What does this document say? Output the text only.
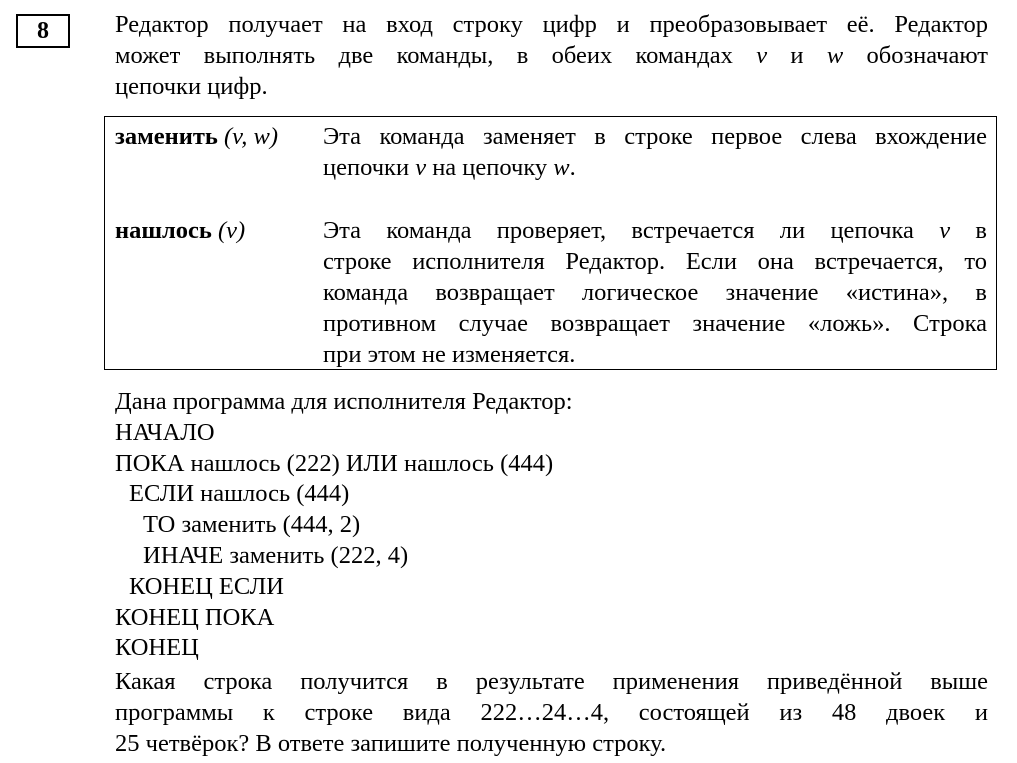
8	Редактор получает на вход строку цифр и преобразовывает её. Редактор
может выполнять две команды, в обеих командах v и w обозначают
цепочки цифр.
заменить (v, w) Эта команда заменяет в строке первое слева вхождение
цепочки v на цепочку w.
нашлось (v)	Эта команда проверяет, встречается ли цепочка v в
строке исполнителя Редактор. Если она встречается, то
команда возвращает логическое значение «истина», в
противном случае возвращает значение «ложь». Строка
при этом не изменяется.
Дана программа для исполнителя Редактор:
НАЧАЛО
ПОКА нашлось (222) ИЛИ нашлось (444)
ЕСЛИ нашлось (444)
ТО заменить (444, 2)
ИНАЧЕ заменить (222, 4)
КОНЕЦ ЕСЛИ
КОНЕЦ ПОКА
КОНЕЦ
Какая строка получится в результате применения приведённой выше
программы к строке вида 222…24…4, состоящей из 48 двоек и
25 четвёрок? В ответе запишите полученную строку.
